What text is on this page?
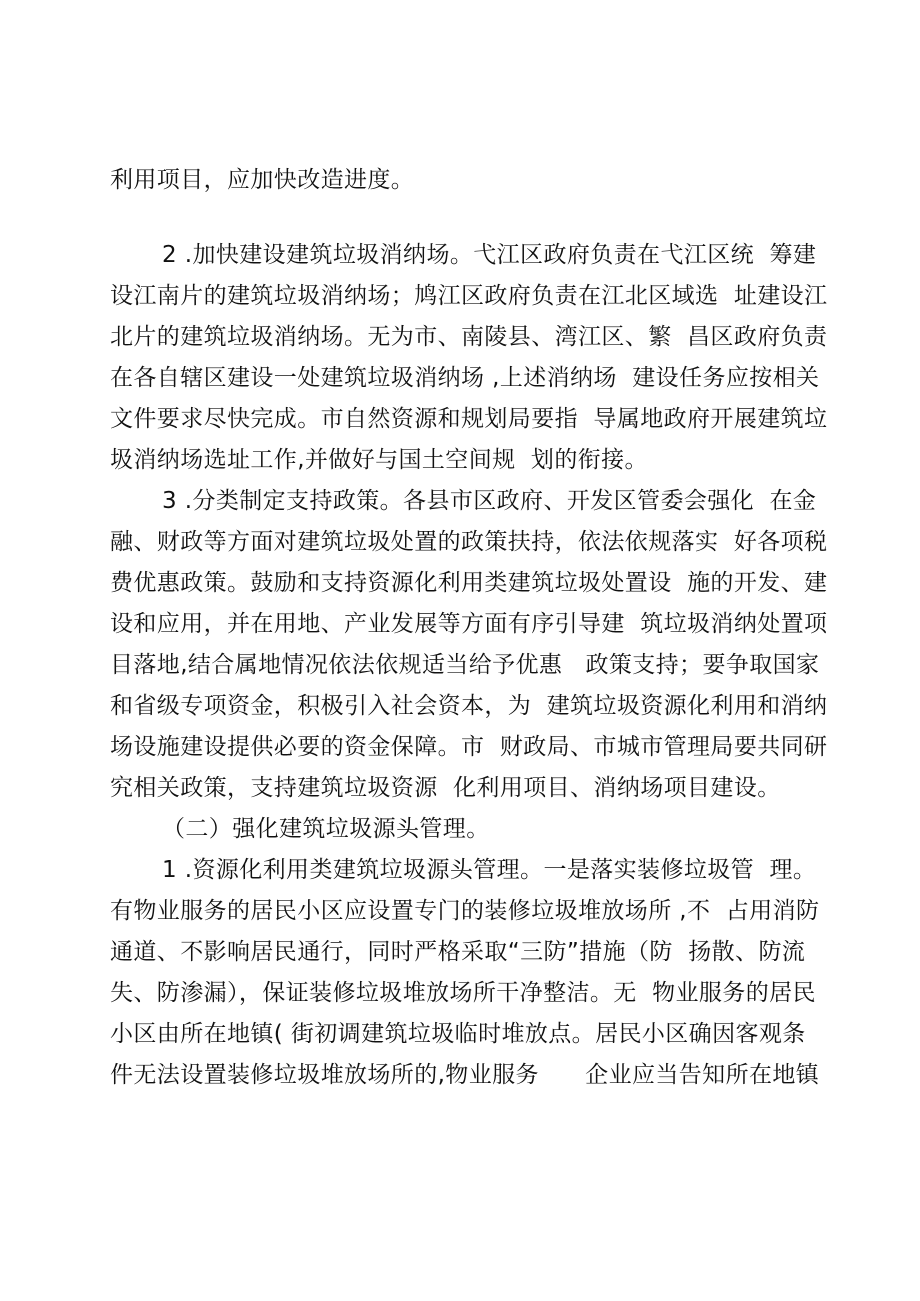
利用项目，应加快改造进度。
2 .加快建设建筑垃圾消纳场。弋江区政府负责在弋江区统  筹建
设江南片的建筑垃圾消纳场；鸠江区政府负责在江北区域选  址建设江
北片的建筑垃圾消纳场。无为市、南陵县、湾江区、繁  昌区政府负责
在各自辖区建设一处建筑垃圾消纳场 ,上述消纳场  建设任务应按相关
文件要求尽快完成。市自然资源和规划局要指  导属地政府开展建筑垃
圾消纳场选址工作,并做好与国土空间规  划的衔接。
3 .分类制定支持政策。各县市区政府、开发区管委会强化  在金
融、财政等方面对建筑垃圾处置的政策扶持，依法依规落实  好各项税
费优惠政策。鼓励和支持资源化利用类建筑垃圾处置设  施的开发、建
设和应用，并在用地、产业发展等方面有序引导建  筑垃圾消纳处置项
目落地,结合属地情况依法依规适当给予优惠   政策支持；要争取国家
和省级专项资金，积极引入社会资本，为  建筑垃圾资源化利用和消纳
场设施建设提供必要的资金保障。市  财政局、市城市管理局要共同研
究相关政策，支持建筑垃圾资源  化利用项目、消纳场项目建设。
（二）强化建筑垃圾源头管理。
1 .资源化利用类建筑垃圾源头管理。一是落实装修垃圾管  理。
有物业服务的居民小区应设置专门的装修垃圾堆放场所 ,不  占用消防
通道、不影响居民通行，同时严格采取“三防”措施（防  扬散、防流
失、防渗漏），保证装修垃圾堆放场所干净整洁。无  物业服务的居民
小区由所在地镇( 街初调建筑垃圾临时堆放点。居民小区确因客观条
件无法设置装修垃圾堆放场所的,物业服务      企业应当告知所在地镇
